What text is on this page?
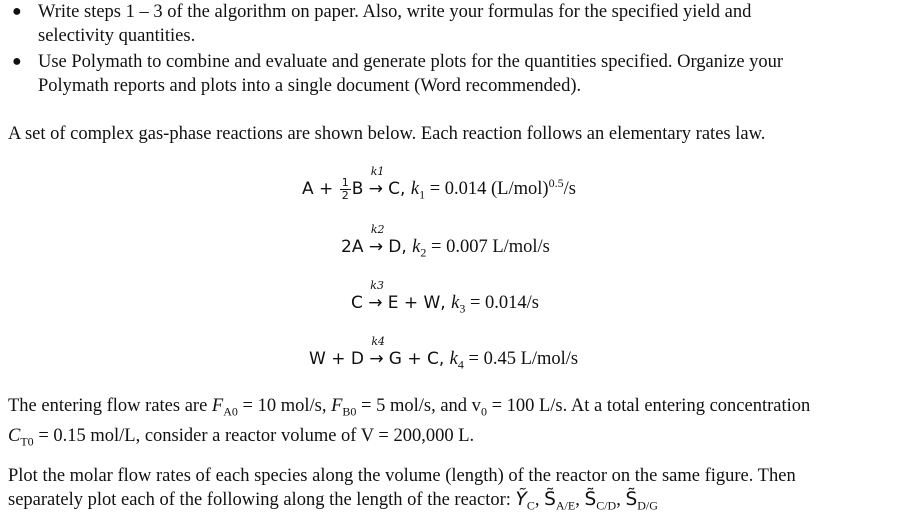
● Write steps 1 – 3 of the algorithm on paper. Also, write your formulas for the specified yield and
selectivity quantities.
● Use Polymath to combine and evaluate and generate plots for the quantities specified. Organize your
Polymath reports and plots into a single document (Word recommended).
A set of complex gas-phase reactions are shown below. Each reaction follows an elementary rates law.
$A + \frac{1}{2}$ B
k1
→ C, $k_1 = 0.014$ $(L/mol)^{0.5}/s$
2A
k2
→ D, $k_2 = 0.007$ L/mol/s
C
k3
→ E + W, $k_3 = 0.014/s$
W + D
k4
→ G + C, $k_4 = 0.45$ L/mol/s
The entering flow rates are $F_{A0} = 10$ mol/s, $F_{B0} = 5$ mol/s, and $v_0 = 100$ L/s. At a total entering concentration
$C_{T0} = 0.15$ mol/L, consider a reactor volume of V = 200,000 L.
Plot the molar flow rates of each species along the volume (length) of the reactor on the same figure. Then
separately plot each of the following along the length of the reactor: Ỹ$_C$, $S̃_{A/E}$, $S̃_{C/D}$, $S̃_{D/G}$
